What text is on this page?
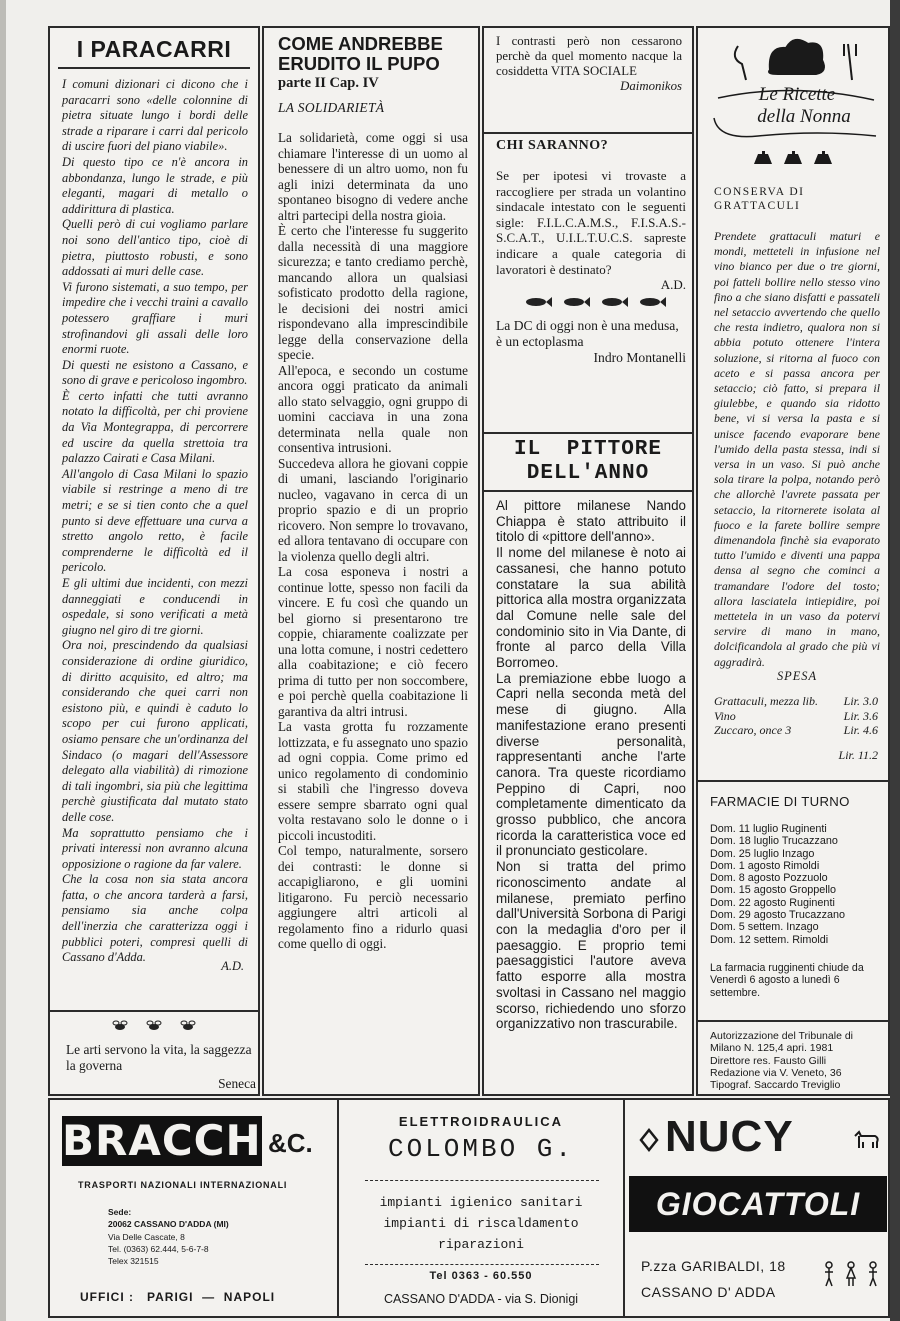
I PARACARRI

I comuni dizionari ci dicono che i paracarri sono «delle colonnine di pietra situate lungo i bordi delle strade a riparare i carri dal pericolo di uscire fuori del piano viabile».

Di questo tipo ce n'è ancora in abbondanza, lungo le strade, e più eleganti, magari di metallo o addirittura di plastica.

Quelli però di cui vogliamo parlare noi sono dell'antico tipo, cioè di pietra, piuttosto robusti, e sono addossati ai muri delle case.

Vi furono sistemati, a suo tempo, per impedire che i vecchi traini a cavallo potessero graffiare i muri strofinandovi gli assali delle loro enormi ruote.

Di questi ne esistono a Cassano, e sono di grave e pericoloso ingombro.

È certo infatti che tutti avranno notato la difficoltà, per chi proviene da Via Montegrappa, di percorrere ed uscire da quella strettoia tra palazzo Cairati e Casa Milani.

All'angolo di Casa Milani lo spazio viabile si restringe a meno di tre metri; e se si tien conto che a quel punto si deve effettuare una curva a stretto angolo retto, è facile comprenderne le difficoltà ed il pericolo.

E gli ultimi due incidenti, con mezzi danneggiati e conducendi in ospedale, si sono verificati a metà giugno nel giro di tre giorni.

Ora noi, prescindendo da qualsiasi considerazione di ordine giuridico, di diritto acquisito, ed altro; ma considerando che quei carri non esistono più, e quindi è caduto lo scopo per cui furono applicati, osiamo pensare che un'ordinanza del Sindaco (o magari dell'Assessore delegato alla viabilità) di rimozione di tali ingombri, sia più che legittima perchè giustificata dal mutato stato delle cose.

Ma soprattutto pensiamo che i privati interessi non avranno alcuna opposizione o ragione da far valere.

Che la cosa non sia stata ancora fatta, o che ancora tarderà a farsi, pensiamo sia anche colpa dell'inerzia che caratterizza oggi i pubblici poteri, compresi quelli di Cassano d'Adda.

A.D.
Le arti servono la vita, la saggezza la governa
Seneca
COME ANDREBBE ERUDITO IL PUPO
parte II Cap. IV
LA SOLIDARIETÀ

La solidarietà, come oggi si usa chiamare l'interesse di un uomo al benessere di un altro uomo, non fu agli inizi determinata da uno spontaneo bisogno di vedere anche altri partecipi della nostra gioia.

È certo che l'interesse fu suggerito dalla necessità di una maggiore sicurezza; e tanto crediamo perchè, mancando allora un qualsiasi sofisticato prodotto della ragione, le decisioni dei nostri amici rispondevano alla imprescindibile legge della conservazione della specie.

All'epoca, e secondo un costume ancora oggi praticato da animali allo stato selvaggio, ogni gruppo di uomini cacciava in una zona determinata nella quale non consentiva intrusioni.

Succedeva allora he giovani coppie di umani, lasciando l'originario nucleo, vagavano in cerca di un proprio spazio e di un proprio ricovero. Non sempre lo trovavano, ed allora tentavano di occupare con la violenza quello degli altri.

La cosa esponeva i nostri a continue lotte, spesso non facili da vincere. E fu così che quando un bel giorno si presentarono tre coppie, chiaramente coalizzate per una lotta comune, i nostri cedettero alla coabitazione; e ciò fecero prima di tutto per non soccombere, e poi perchè quella coabitazione li garantiva da altri intrusi.

La vasta grotta fu rozzamente lottizzata, e fu assegnato uno spazio ad ogni coppia. Come primo ed unico regolamento di condominio si stabilì che l'ingresso doveva essere sempre sbarrato ogni qual volta restavano solo le donne o i piccoli incustoditi.

Col tempo, naturalmente, sorsero dei contrasti: le donne si accapigliarono, e gli uomini litigarono. Fu perciò necessario aggiungere altri articoli al regolamento fino a ridurlo quasi come quello di oggi.

I contrasti però non cessarono perchè da quel momento nacque la cosiddetta VITA SOCIALE

Daimonikos
CHI SARANNO?

Se per ipotesi vi trovaste a raccogliere per strada un volantino sindacale intestato con le seguenti sigle: F.I.L.C.A.M.S., F.I.S.A.S.-S.C.A.T., U.I.L.T.U.C.S. sapreste indicare a quale categoria di lavoratori è destinato?

A.D.

La DC di oggi non è una medusa, è un ectoplasma

Indro Montanelli
IL PITTORE
DELL'ANNO

Al pittore milanese Nando Chiappa è stato attribuito il titolo di «pittore dell'anno».

Il nome del milanese è noto ai cassanesi, che hanno potuto constatare la sua abilità pittorica alla mostra organizzata dal Comune nelle sale del condominio sito in Via Dante, di fronte al parco della Villa Borromeo.

La premiazione ebbe luogo a Capri nella seconda metà del mese di giugno. Alla manifestazione erano presenti diverse personalità, rappresentanti anche l'arte canora. Tra queste ricordiamo Peppino di Capri, noo completamente dimenticato da grosso pubblico, che ancora ricorda la caratteristica voce ed il pronunciato gesticolare.

Non si tratta del primo riconoscimento andate al milanese, premiato perfino dall'Università Sorbona di Parigi con la medaglia d'oro per il paesaggio. E proprio temi paesaggistici l'autore aveva fatto esporre alla mostra svoltasi in Cassano nel maggio scorso, richiedendo uno sforzo organizzativo non trascurabile.

Le Ricette
della Nonna
CONSERVA DI GRATTACULI

Prendete grattaculi maturi e mondi, metteteli in infusione nel vino bianco per due o tre giorni, poi fatteli bollire nello stesso vino fino a che siano disfatti e passateli nel setaccio avvertendo che quello che resta indietro, qualora non si abbia potuto ottenere l'intera soluzione, si ritorna al fuoco con aceto e si passa ancora per setaccio; ciò fatto, si prepara il giulebbe, e quando sia ridotto bene, vi si versa la pasta e si unisce facendo evaporare bene l'umido della pasta stessa, indi si versa in un vaso. Si può anche sola tirare la polpa, notando però che allorchè l'avrete passata per setaccio, la ritornerete isolata al fuoco e la farete bollire sempre dimenandola finchè sia evaporato tutto l'umido e diventi una pappa densa al segno che cominci a tramandare l'odore del tosto; allora lasciatela intiepidire, poi mettetela in un vaso da potervi servire di mano in mano, dolcificandola al grado che più vi aggradirà.

SPESA
Grattaculi, mezza lib. Lir. 3.0
Vino	Lir. 3.6
Zuccaro, once 3	Lir. 4.6
Lir. 11.2
FARMACIE DI TURNO
Dom. 11 luglio Ruginenti
Dom. 18 luglio Trucazzano
Dom. 25 luglio Inzago
Dom. 1 agosto Rimoldi
Dom. 8 agosto Pozzuolo
Dom. 15 agosto Groppello
Dom. 22 agosto Ruginenti
Dom. 29 agosto Trucazzano
Dom. 5 settem. Inzago
Dom. 12 settem. Rimoldi

La farmacia rugginenti chiude da Venerdì 6 agosto a lunedì 6 settembre.

Autorizzazione del Tribunale di
Milano N. 125,4 apri. 1981
Direttore res. Fausto Gilli
Redazione via V. Veneto, 36
Tipograf. Saccardo Treviglio
BRACCHI
&C.
TRASPORTI NAZIONALI INTERNAZIONALI
Sede:
20062 CASSANO D'ADDA (MI)
Via Delle Cascate, 8
Tel. (0363) 62.444, 5-6-7-8
Telex 321515
UFFICI :   PARIGI  —  NAPOLI
ELETTROIDRAULICA
COLOMBO G.
impianti igienico sanitari
impianti di riscaldamento
riparazioni
Tel 0363 - 60.550
CASSANO D'ADDA - via S. Dionigi
NUCY
GIOCATTOLI
P.zza GARIBALDI, 18
CASSANO D' ADDA
